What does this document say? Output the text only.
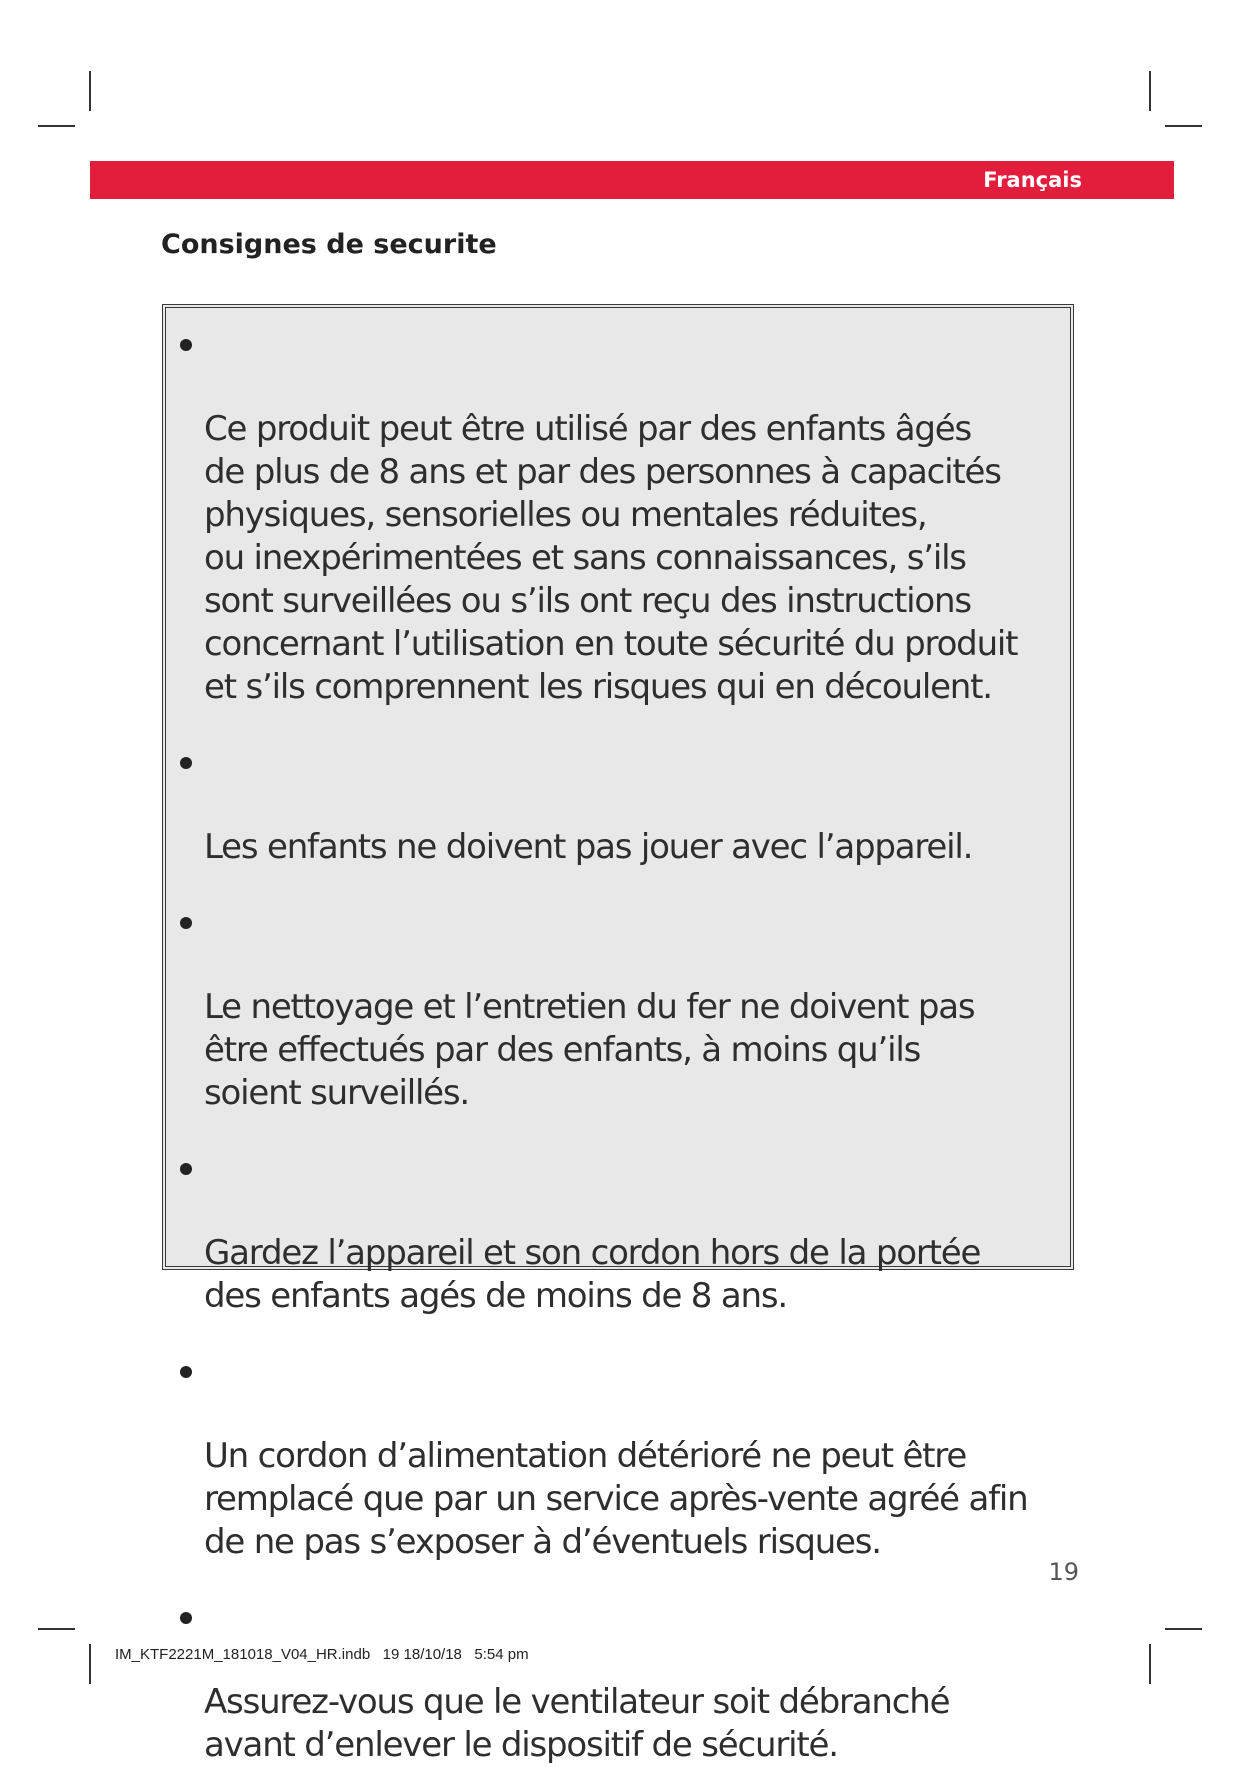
Français
Consignes de securite

Ce produit peut être utilisé par des enfants âgés
de plus de 8 ans et par des personnes à capacités
physiques, sensorielles ou mentales réduites,
ou inexpérimentées et sans connaissances, s’ils
sont surveillées ou s’ils ont reçu des instructions
concernant l’utilisation en toute sécurité du produit
et s’ils comprennent les risques qui en découlent.

Les enfants ne doivent pas jouer avec l’appareil.

Le nettoyage et l’entretien du fer ne doivent pas
être effectués par des enfants, à moins qu’ils
soient surveillés.

Gardez l’appareil et son cordon hors de la portée
des enfants agés de moins de 8 ans.

Un cordon d’alimentation détérioré ne peut être
remplacé que par un service après-vente agréé afin
de ne pas s’exposer à d’éventuels risques.

Assurez-vous que le ventilateur soit débranché
avant d’enlever le dispositif de sécurité.

19
IM_KTF2221M_181018_V04_HR.indb   19 18/10/18   5:54 pm
